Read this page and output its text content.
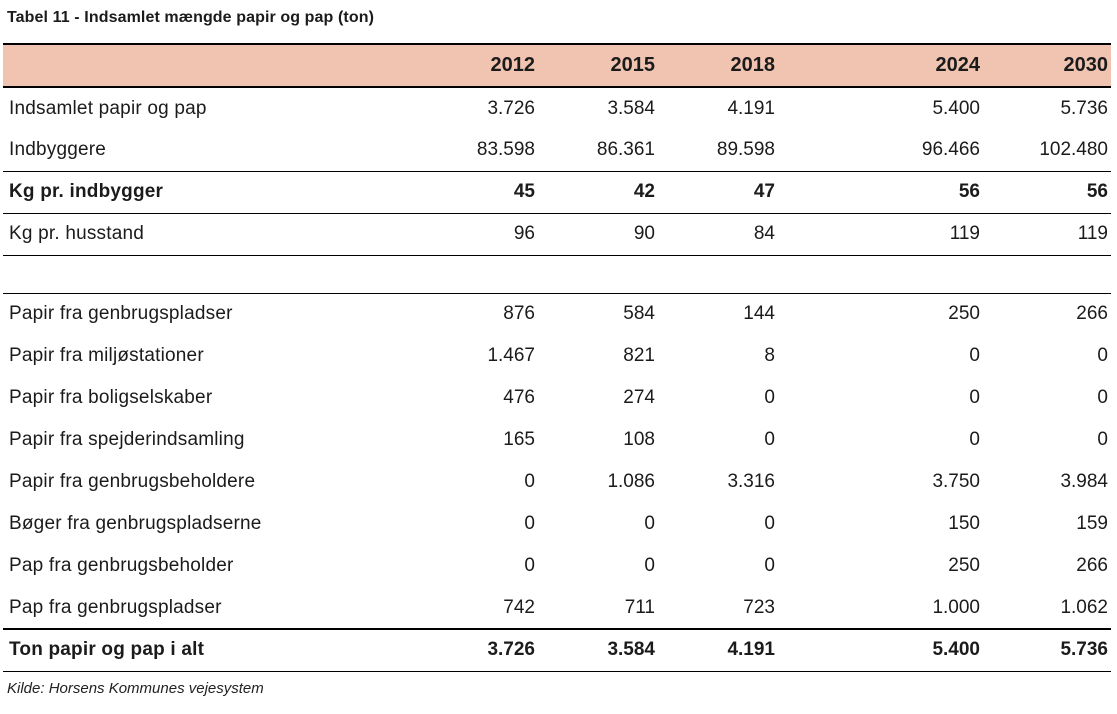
Tabel 11 - Indsamlet mængde papir og pap (ton)
	2012	2015	2018	2024	2030
Indsamlet papir og pap	3.726	3.584	4.191	5.400	5.736
Indbyggere	83.598	86.361	89.598	96.466	102.480
Kg pr. indbygger	45	42	47	56	56
Kg pr. husstand	96	90	84	119	119

Papir fra genbrugspladser	876	584	144	250	266
Papir fra miljøstationer	1.467	821	8	0	0
Papir fra boligselskaber	476	274	0	0	0
Papir fra spejderindsamling	165	108	0	0	0
Papir fra genbrugsbeholdere	0	1.086	3.316	3.750	3.984
Bøger fra genbrugspladserne	0	0	0	150	159
Pap fra genbrugsbeholder	0	0	0	250	266
Pap fra genbrugspladser	742	711	723	1.000	1.062
Ton papir og pap i alt	3.726	3.584	4.191	5.400	5.736

Kilde: Horsens Kommunes vejesystem
